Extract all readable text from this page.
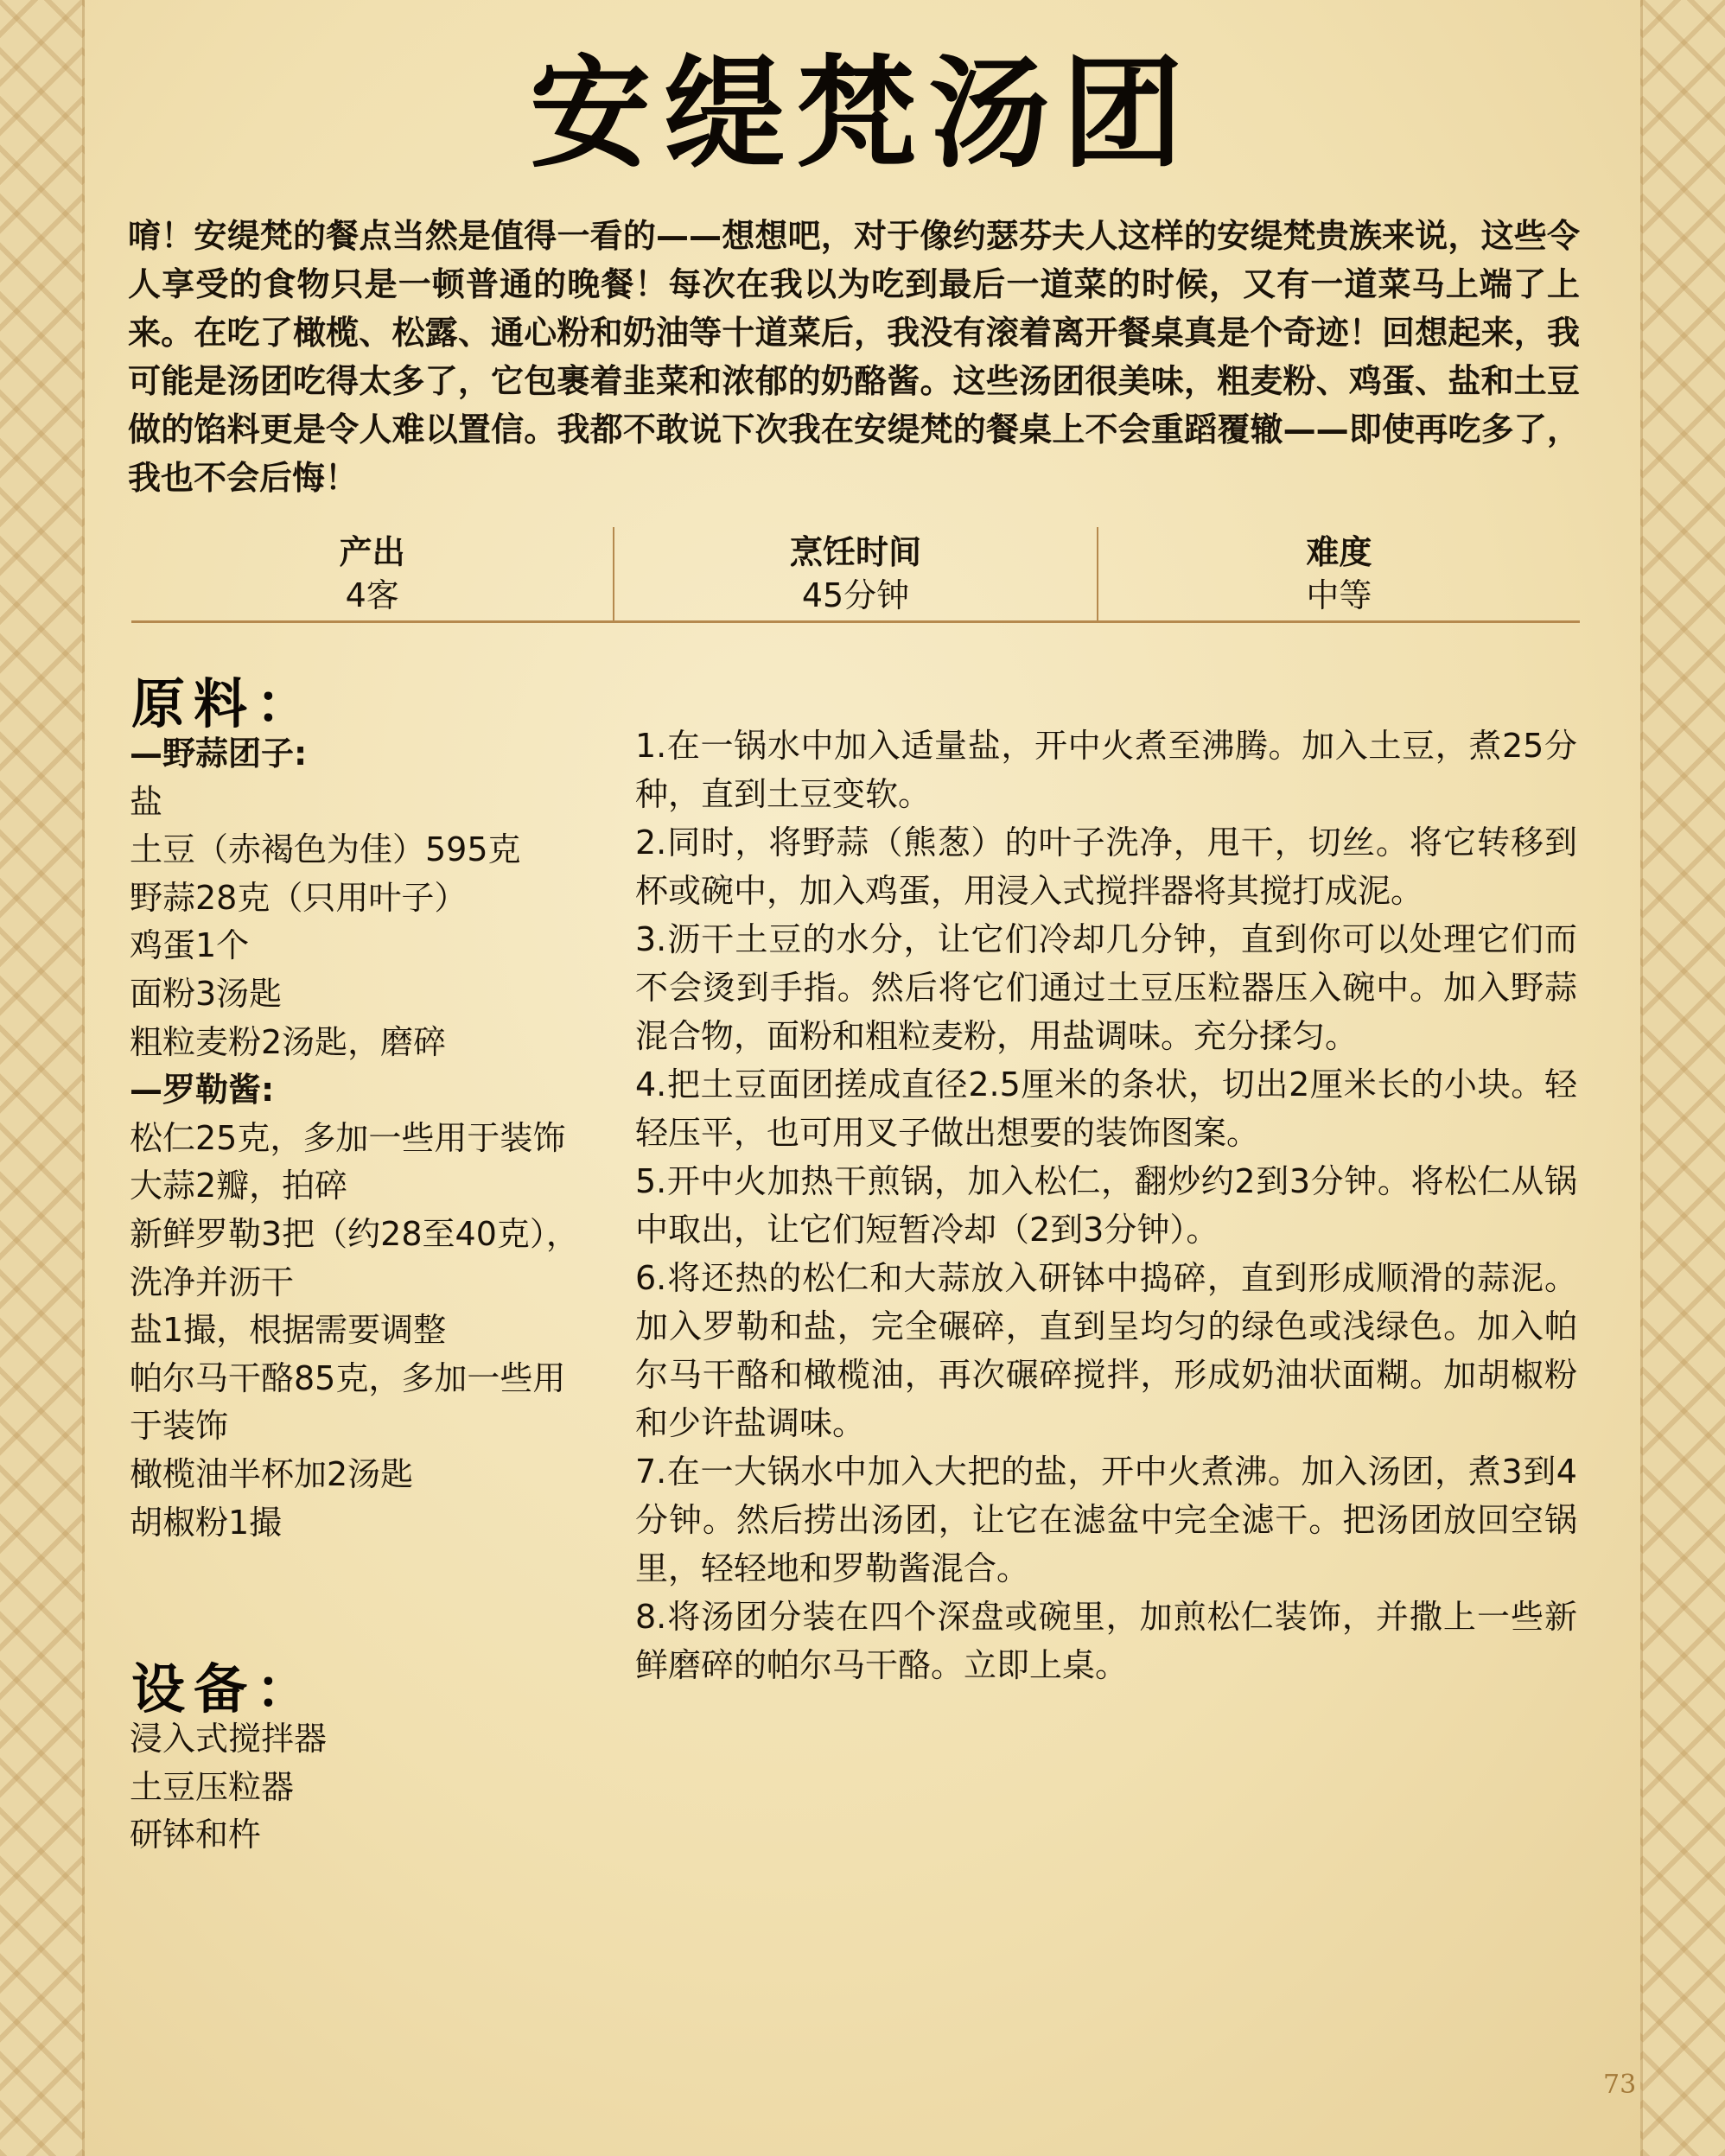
安缇梵汤团
唷！安缇梵的餐点当然是值得一看的——想想吧，对于像约瑟芬夫人这样的安缇梵贵族来说，这些令人享受的食物只是一顿普通的晚餐！每次在我以为吃到最后一道菜的时候，又有一道菜马上端了上来。在吃了橄榄、松露、通心粉和奶油等十道菜后，我没有滚着离开餐桌真是个奇迹！回想起来，我可能是汤团吃得太多了，它包裹着韭菜和浓郁的奶酪酱。这些汤团很美味，粗麦粉、鸡蛋、盐和土豆做的馅料更是令人难以置信。我都不敢说下次我在安缇梵的餐桌上不会重蹈覆辙——即使再吃多了，我也不会后悔！
产出
4客
烹饪时间
45分钟
难度
中等
原料：
—野蒜团子:
盐
土豆（赤褐色为佳）595克
野蒜28克（只用叶子）
鸡蛋1个
面粉3汤匙
粗粒麦粉2汤匙，磨碎
—罗勒酱:
松仁25克，多加一些用于装饰
大蒜2瓣，拍碎
新鲜罗勒3把（约28至40克），洗净并沥干
盐1撮，根据需要调整
帕尔马干酪85克，多加一些用于装饰
橄榄油半杯加2汤匙
胡椒粉1撮
设备：
浸入式搅拌器
土豆压粒器
研钵和杵
1.在一锅水中加入适量盐，开中火煮至沸腾。加入土豆，煮25分种，直到土豆变软。
2.同时，将野蒜（熊葱）的叶子洗净，甩干，切丝。将它转移到杯或碗中，加入鸡蛋，用浸入式搅拌器将其搅打成泥。
3.沥干土豆的水分，让它们冷却几分钟，直到你可以处理它们而不会烫到手指。然后将它们通过土豆压粒器压入碗中。加入野蒜混合物，面粉和粗粒麦粉，用盐调味。充分揉匀。
4.把土豆面团搓成直径2.5厘米的条状，切出2厘米长的小块。轻轻压平，也可用叉子做出想要的装饰图案。
5.开中火加热干煎锅，加入松仁，翻炒约2到3分钟。将松仁从锅中取出，让它们短暂冷却（2到3分钟）。
6.将还热的松仁和大蒜放入研钵中捣碎，直到形成顺滑的蒜泥。加入罗勒和盐，完全碾碎，直到呈均匀的绿色或浅绿色。加入帕尔马干酪和橄榄油，再次碾碎搅拌，形成奶油状面糊。加胡椒粉和少许盐调味。
7.在一大锅水中加入大把的盐，开中火煮沸。加入汤团，煮3到4分钟。然后捞出汤团，让它在滤盆中完全滤干。把汤团放回空锅里，轻轻地和罗勒酱混合。
8.将汤团分装在四个深盘或碗里，加煎松仁装饰，并撒上一些新鲜磨碎的帕尔马干酪。立即上桌。
73
